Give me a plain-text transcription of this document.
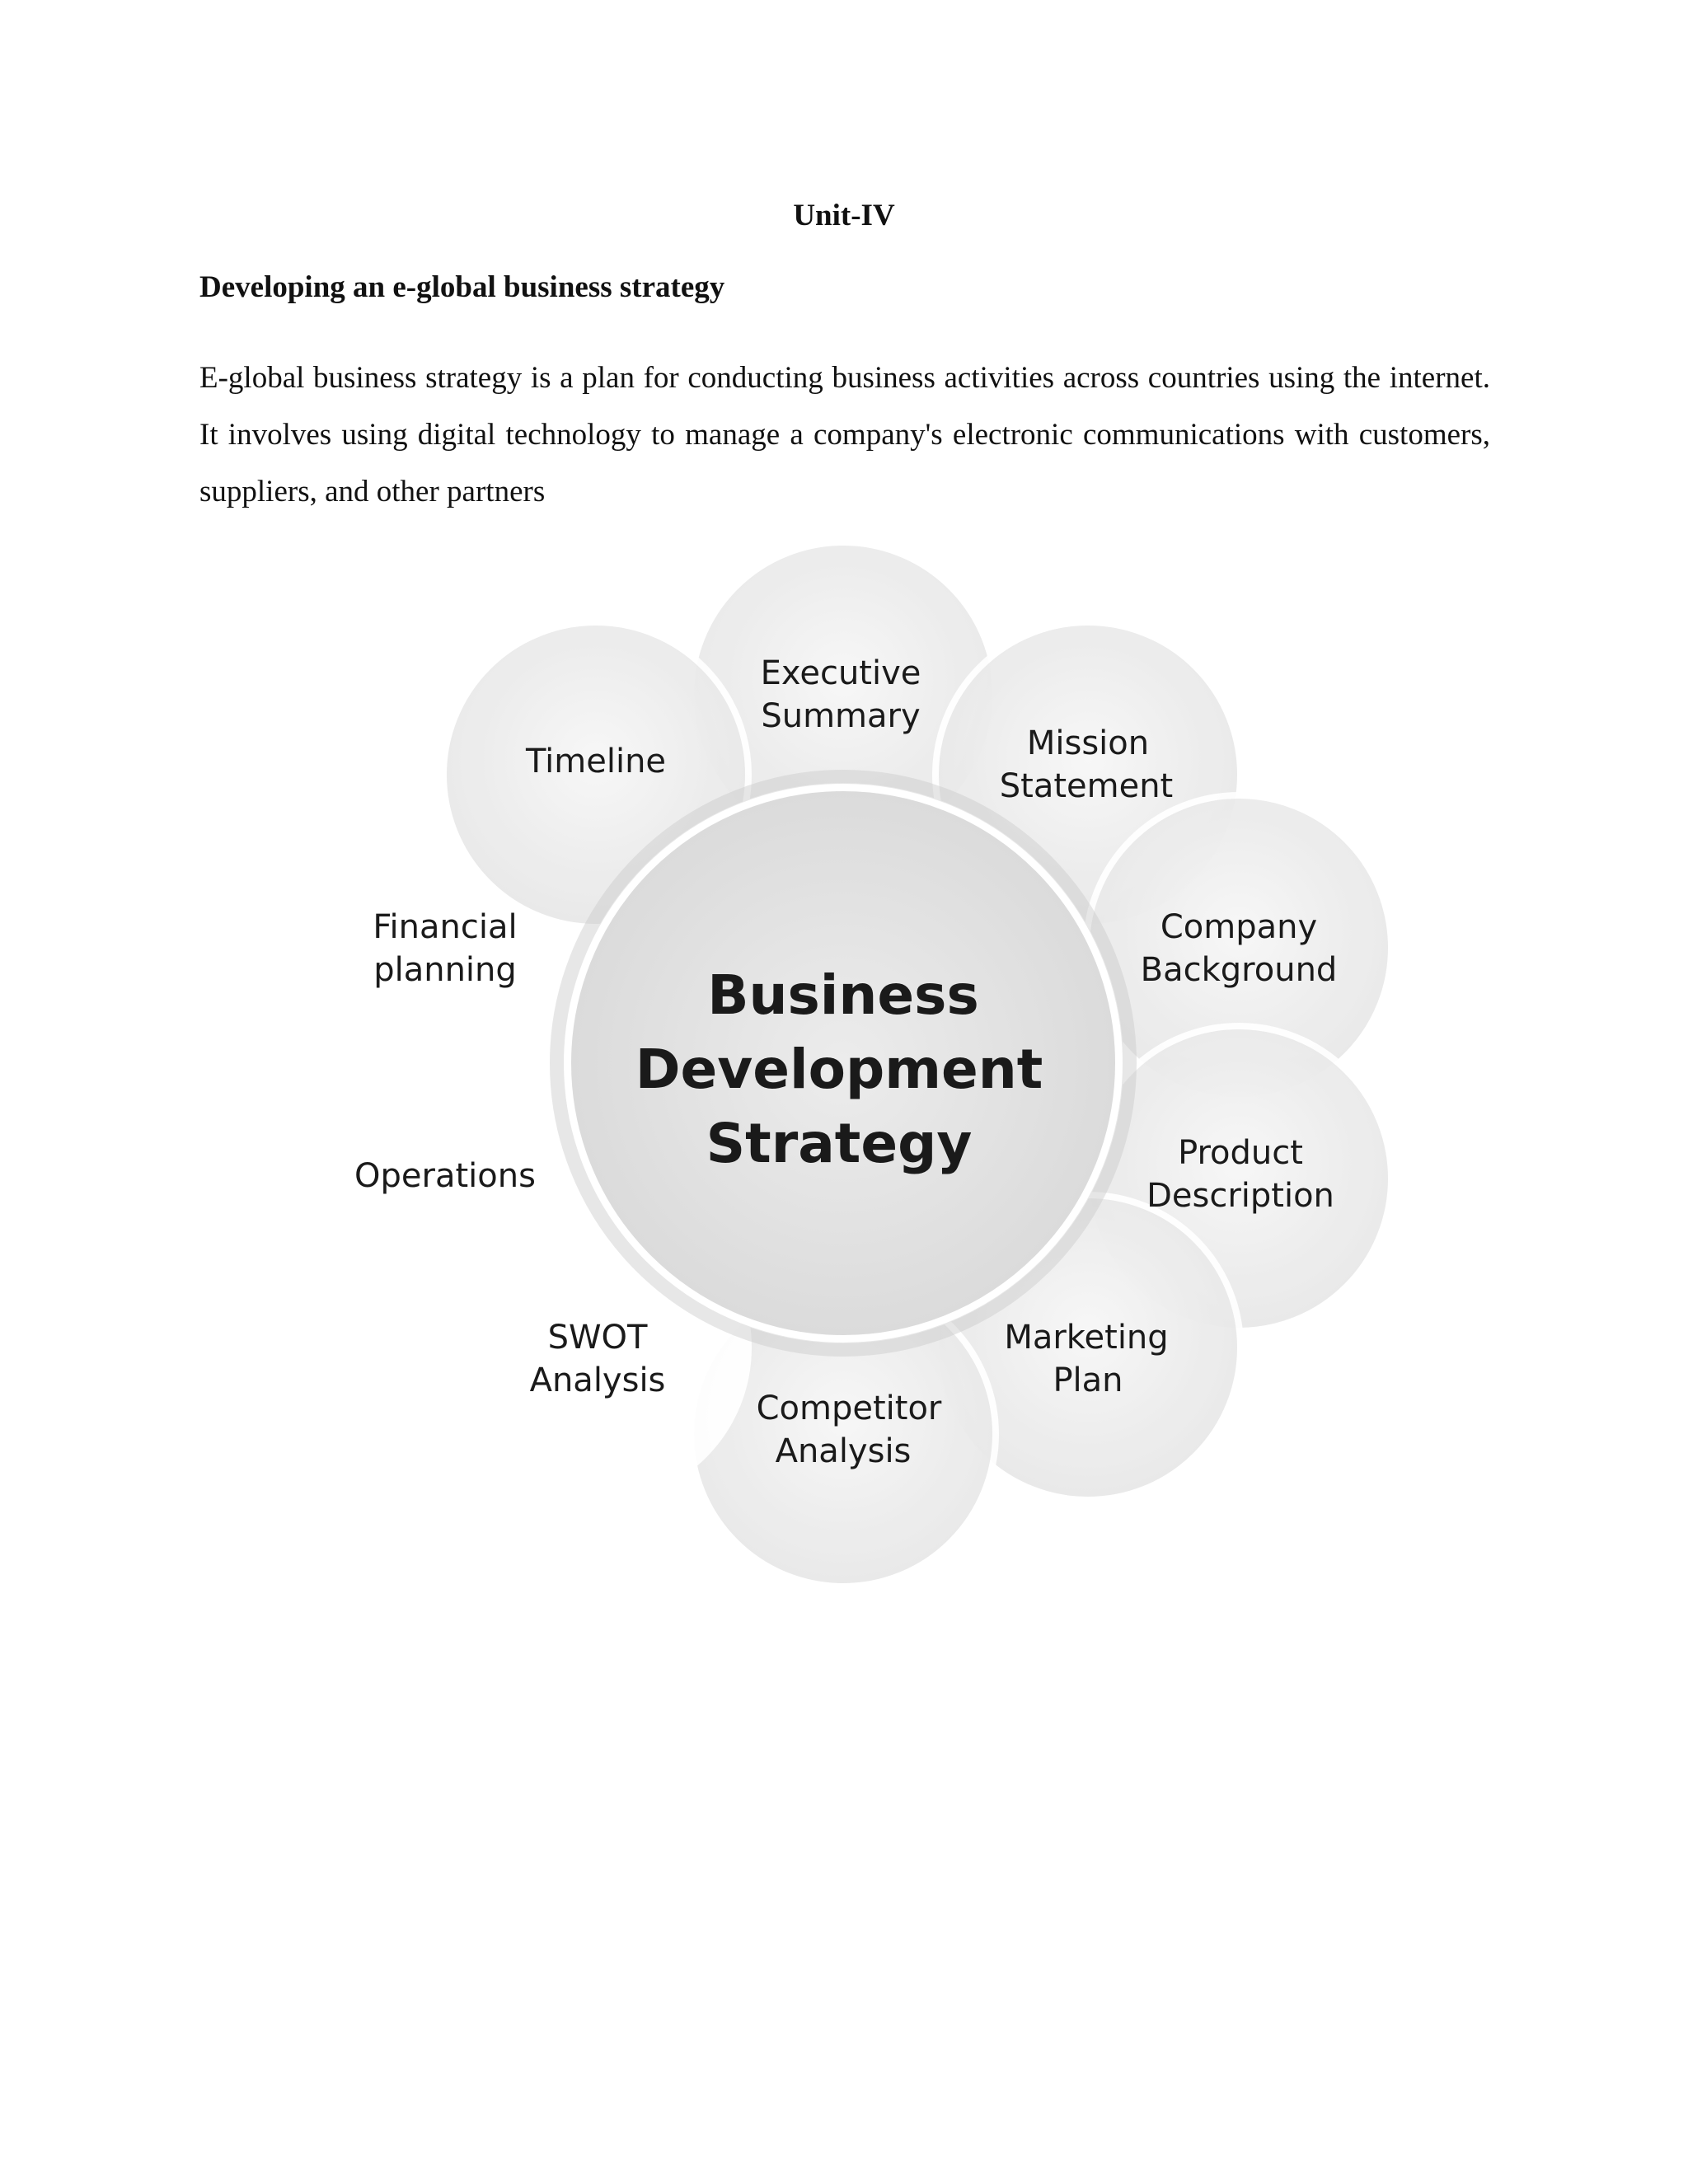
Unit-IV
Developing an e-global business strategy

E-global business strategy is a plan for conducting business activities across countries using the internet. It involves using digital technology to manage a company's electronic communications with customers, suppliers, and other partners

Business
Development
Strategy
Executive
Summary
Mission
Statement
Company
Background
Product
Description
Marketing
Plan
Competitor
Analysis
SWOT
Analysis
Operations
Financial
planning
Timeline
